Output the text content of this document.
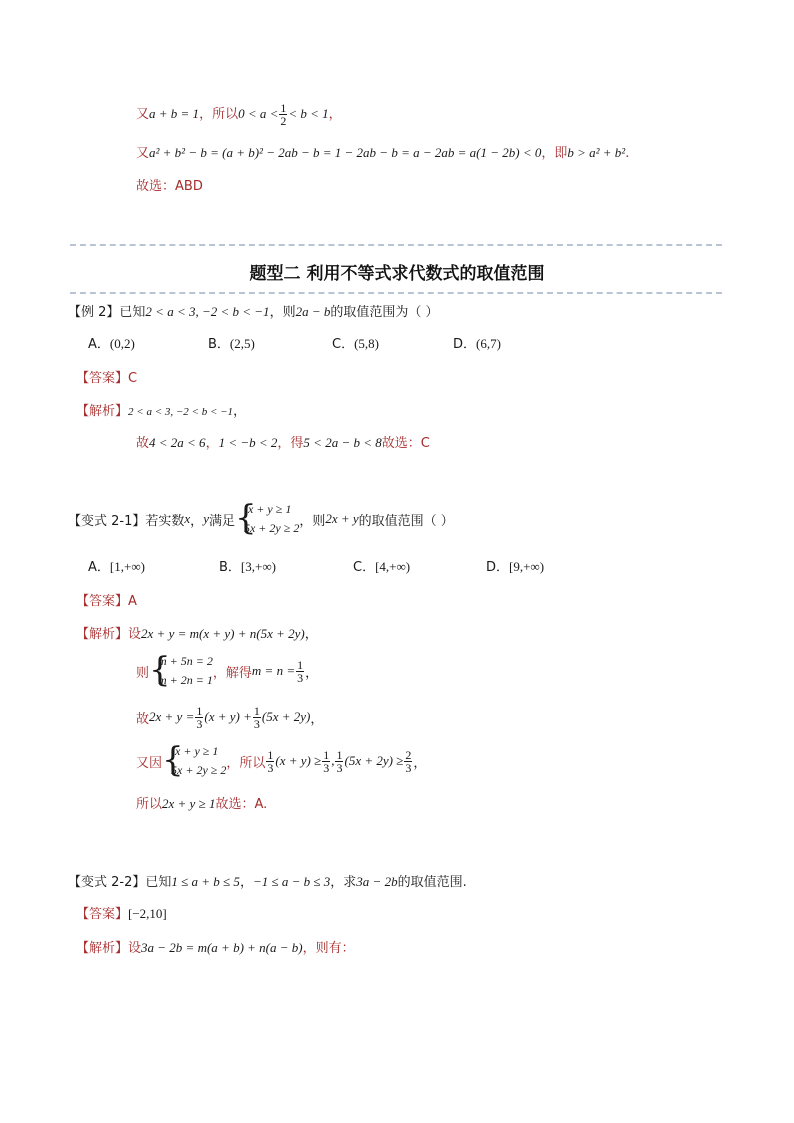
又a + b = 1，所以$0 < a < \frac{1}{2} < b < 1$，
又a² + b² − b = (a + b)² − 2ab − b = 1 − 2ab − b = a − 2ab = a(1 − 2b) < 0，即b > a² + b².
故选：ABD
题型二 利用不等式求代数式的取值范围
【例 2】已知2 < a < 3, −2 < b < −1，则2a − b的取值范围为（ ）
A．(0,2)	B．(2,5)	C．(5,8)	D．(6,7)
【答案】C
【解析】2 < a < 3, −2 < b < −1，
故4 < 2a < 6，1 < −b < 2，得5 < 2a − b < 8故选：C
【变式 2-1】 若实数 x ， y 满足 {
x + y ≥ 1
5x + 2y ≥ 2 ，则 2x + y 的取值范围（ ）
A．[1,+∞)	B．[3,+∞)	C．[4,+∞)	D．[9,+∞)
【答案】A
【解析】设2x + y = m(x + y) + n(5x + 2y)，
则 {
m + 5n = 2
m + 2n = 1 ，解得 $m = n = \frac{1}{3}$ ，
故 $2x + y = \frac{1}{3} (x + y) + \frac{1}{3} (5x + 2y)$ ，
又因 {
x + y ≥ 1
5x + 2y ≥ 2 ，所以 $\frac{1}{3} (x + y) \ge \frac{1}{3}$ , $\frac{1}{3} (5x + 2y) \ge \frac{2}{3}$ ，
所以2x + y ≥ 1故选：A.
【变式 2-2】已知1 ≤ a + b ≤ 5，−1 ≤ a − b ≤ 3，求3a − 2b的取值范围.
【答案】[−2,10]
【解析】设3a − 2b = m(a + b) + n(a − b)，则有：
